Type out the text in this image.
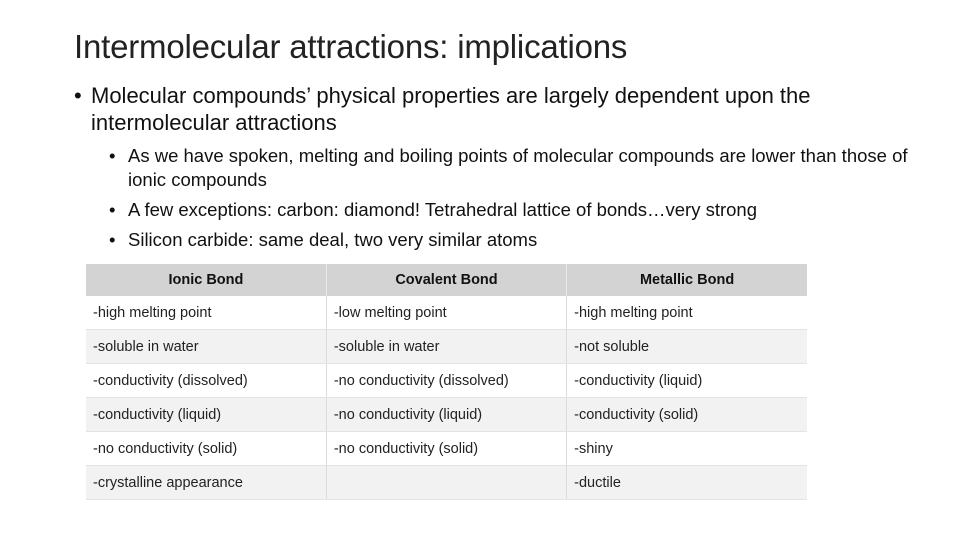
Intermolecular attractions: implications
• Molecular compounds’ physical properties are largely dependent upon the intermolecular attractions
• As we have spoken, melting and boiling points of molecular compounds are lower than those of ionic compounds
• A few exceptions: carbon: diamond! Tetrahedral lattice of bonds…very strong
• Silicon carbide: same deal, two very similar atoms
Ionic Bond	Covalent Bond	Metallic Bond
-high melting point	-low melting point	-high melting point
-soluble in water	-soluble in water	-not soluble
-conductivity (dissolved)	-no conductivity (dissolved)	-conductivity (liquid)
-conductivity (liquid)	-no conductivity (liquid)	-conductivity (solid)
-no conductivity (solid)	-no conductivity (solid)	-shiny
-crystalline appearance		-ductile
